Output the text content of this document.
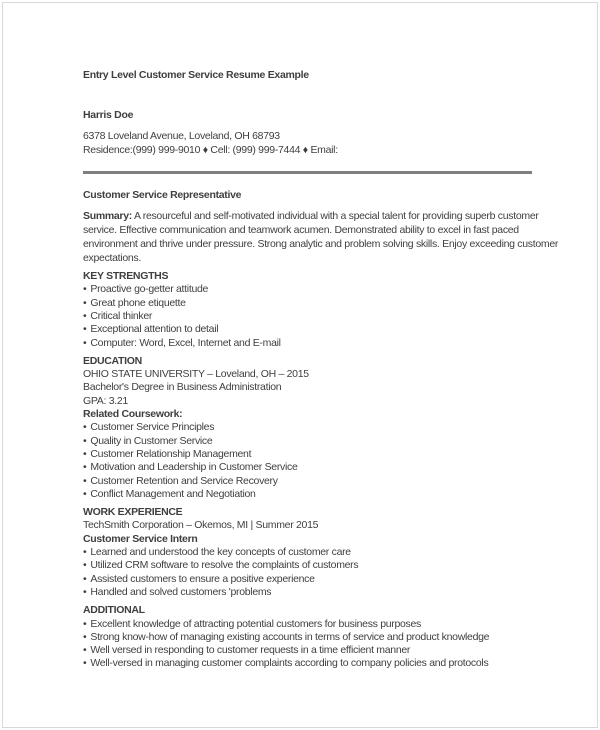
Entry Level Customer Service Resume Example
Harris Doe
6378 Loveland Avenue, Loveland, OH 68793
Residence:(999) 999-9010 ♦ Cell: (999) 999-7444 ♦ Email:
Customer Service Representative

Summary: A resourceful and self-motivated individual with a special talent for providing superb customer service. Effective communication and teamwork acumen. Demonstrated ability to excel in fast paced environment and thrive under pressure. Strong analytic and problem solving skills. Enjoy exceeding customer expectations.

KEY STRENGTHS
• Proactive go-getter attitude
• Great phone etiquette
• Critical thinker
• Exceptional attention to detail
• Computer: Word, Excel, Internet and E-mail
EDUCATION
OHIO STATE UNIVERSITY – Loveland, OH – 2015
Bachelor's Degree in Business Administration
GPA: 3.21
Related Coursework:
• Customer Service Principles
• Quality in Customer Service
• Customer Relationship Management
• Motivation and Leadership in Customer Service
• Customer Retention and Service Recovery
• Conflict Management and Negotiation
WORK EXPERIENCE
TechSmith Corporation – Okemos, MI | Summer 2015
Customer Service Intern
• Learned and understood the key concepts of customer care
• Utilized CRM software to resolve the complaints of customers
• Assisted customers to ensure a positive experience
• Handled and solved customers 'problems
ADDITIONAL
• Excellent knowledge of attracting potential customers for business purposes
• Strong know-how of managing existing accounts in terms of service and product knowledge
• Well versed in responding to customer requests in a time efficient manner
• Well-versed in managing customer complaints according to company policies and protocols
